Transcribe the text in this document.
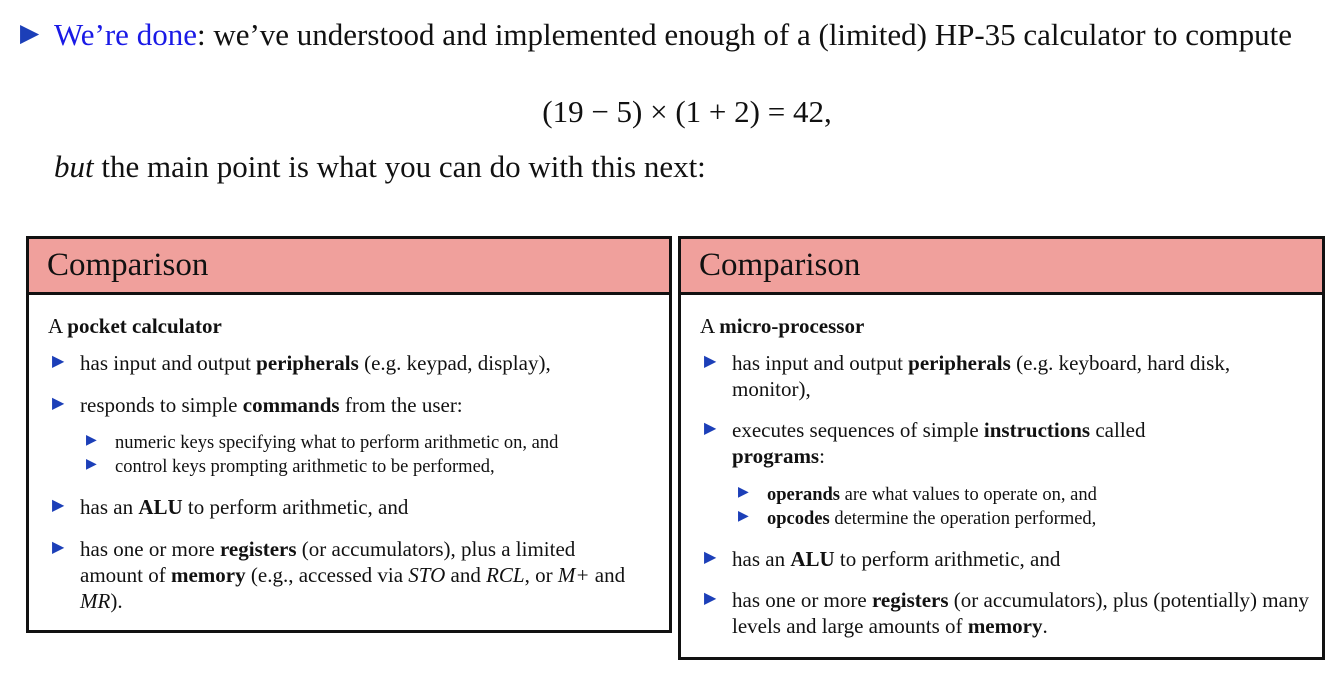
▶ We’re done: we’ve understood and implemented enough of a (limited) HP-35 calculator to compute
(19 − 5) × (1 + 2) = 42,
but the main point is what you can do with this next:
Comparison
A pocket calculator
▶ has input and output peripherals (e.g. keypad, display),
▶ responds to simple commands from the user:
▶ numeric keys specifying what to perform arithmetic on, and
▶ control keys prompting arithmetic to be performed,
▶ has an ALU to perform arithmetic, and
▶ has one or more registers (or accumulators), plus a limited amount of memory (e.g., accessed via STO and RCL, or M+ and MR).
Comparison
A micro-processor
▶ has input and output peripherals (e.g. keyboard, hard disk, monitor),
▶ executes sequences of simple instructions called programs:
▶ operands are what values to operate on, and
▶ opcodes determine the operation performed,
▶ has an ALU to perform arithmetic, and
▶ has one or more registers (or accumulators), plus (potentially) many levels and large amounts of memory.
